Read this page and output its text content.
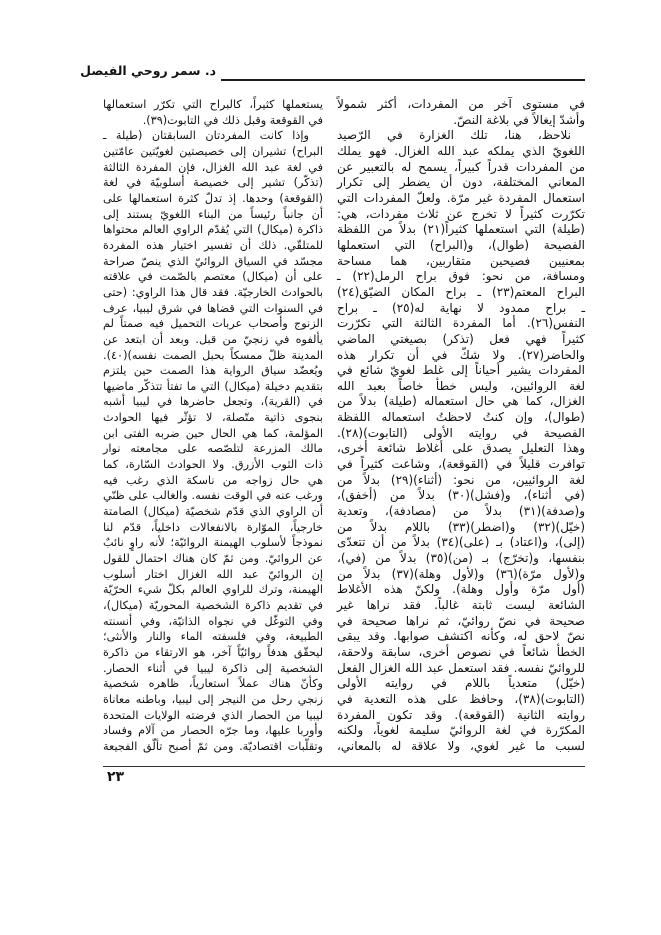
د. سمر روحي الفيصل
في مستوى آخر من المفردات، أكثر شمولاً
وأشدّ إيغالاً في بلاغة النصّ.
نلاحظ، هنا، تلك الغزارة في الرّصيد
اللغويّ الذي يملكه عبد الله الغزال. فهو يملك
من المفردات قدراً كبيراً، يسمح له بالتعبير عن
المعاني المختلفة، دون أن يضطر إلى تكرار
استعمال المفردة غير مرّة. ولعلّ المفردات التي
تكرّرت كثيراً لا تخرج عن ثلاث مفردات، هي:
(طيلة) التي استعملها كثيراً(٢١) بدلاً من اللفظة
الفصيحة (طوال)، و(البراح) التي استعملها
بمعنيين فصيحين متقاربين، هما مساحة
ومسافة، من نحو: فوق براح الرمل(٢٢) ـ
البراح المعتم(٢٣) ـ براح المكان الضيّق(٢٤)
ـ براح ممدود لا نهاية له(٢٥) ـ براح
النفس(٢٦). أما المفردة الثالثة التي تكرّرت
كثيراً فهي فعل (تذكر) بصيغتي الماضي
والحاضر(٢٧). ولا شكّ في أن تكرار هذه
المفردات يشير أحياناً إلى غلط لغويّ شائع في
لغة الروائيين، وليس خطأ خاصاً بعبد الله
الغزال، كما هي حال استعماله (طيلة) بدلاً من
(طوال)، وإن كنتُ لاحظتُ استعماله اللفظة
الفصيحة في روايته الأولى (التابوت)(٢٨).
وهذا التعليل يصدق على أغلاط شائعة أخرى،
توافرت قليلاً في (القوقعة)، وشاعت كثيراً في
لغة الروائيين، من نحو: (أثناء)(٢٩) بدلاً من
(في أثناء)، و(فشل)(٣٠) بدلاً من (أخفق)،
و(صدفة)(٣١) بدلاً من (مصادفة)، وتعدية
(خيّل)(٣٢) و(اضطر)(٣٣) باللام بدلاً من
(إلى)، و(اعتاد) بـ (على)(٣٤) بدلاً من أن تتعدّى
بنفسها، و(تخرّج) بـ (من)(٣٥) بدلاً من (في)،
و(لأول مرّة)(٣٦) و(لأول وهلة)(٣٧) بدلاً من
(أول مرّة وأول وهلة). ولكنّ هذه الأغلاط
الشائعة ليست ثابتة غالباً. فقد نراها غير
صحيحة في نصّ روائيّ، ثم نراها صحيحة في
نصّ لاحق له، وكأنه اكتشف صوابها. وقد يبقى
الخطأ شائعاً في نصوص أخرى، سابقة ولاحقة،
للروائيّ نفسه. فقد استعمل عبد الله الغزال الفعل
(خيّل) متعدياً باللام في روايته الأولى
(التابوت)(٣٨)، وحافظ على هذه التعدية في
روايته الثانية (القوقعة). وقد تكون المفردة
المكرّرة في لغة الروائيّ سليمة لغوياً، ولكنه
لسبب ما غير لغوي، ولا علاقة له بالمعاني،
يستعملها كثيراً، كالبراح التي تكرّر استعمالها
في القوقعة وقبل ذلك في التابوت(٣٩).
وإذا كانت المفردتان السابقتان (طيلة ـ
البراح) تشيران إلى خصيصتين لغويّتين عامّتين
في لغة عبد الله الغزال، فإن المفردة الثالثة
(تذكّر) تشير إلى خصيصة أسلوبيّة في لغة
(القوقعة) وحدها. إذ تدلّ كثرة استعمالها على
أن جانباً رئيساً من البناء اللغويّ يستند إلى
ذاكرة (ميكال) التي يُقدّم الراوي العالم محتواها
للمتلقّي. ذلك أن تفسير اختيار هذه المفردة
مجسّد في السياق الروائيّ الذي ينصّ صراحة
على أن (ميكال) معتصم بالصّمت في علاقته
بالحوادث الخارجيّة. فقد قال هذا الراوي: (حتى
في السنوات التي قضاها في شرق ليبيا، عرف
الزنوج وأصحاب عربات التحميل فيه صمتاً لم
يألفوه في زنجيّ من قبل. وبعد أن ابتعد عن
المدينة ظلّ ممسكاً بحبل الصمت نفسه)(٤٠).
ويُعضّد سياق الرواية هذا الصمت حين يلتزم
بتقديم دخيلة (ميكال) التي ما تفتأ تتذكّر ماضيها
في (القرية)، وتجعل حاضرها في ليبيا أشبه
بنجوى ذاتية متّصلة، لا تؤثّر فيها الحوادث
المؤلمة، كما هي الحال حين ضربه الفتى ابن
مالك المزرعة لتلصّصه على مجامعته نوار
ذات الثوب الأزرق. ولا الحوادث السّارة، كما
هي حال زواجه من ناسكة الذي رغب فيه
ورغب عنه في الوقت نفسه. والغالب على ظنّي
أن الراوي الذي قدّم شخصيّة (ميكال) الصامتة
خارجياً، الموّارة بالانفعالات داخلياً، قدّم لنا
نموذجاً لأسلوب الهيمنة الروائيّة؛ لأنه راوٍ نائبٌ
عن الروائيّ. ومن ثمّ كان هناك احتمال للقول
إن الروائيّ عبد الله الغزال اختار أسلوب
الهيمنة، وترك للراوي العالم بكلّ شيء الحرّيّة
في تقديم ذاكرة الشخصية المحوريّة (ميكال)،
وفي التوغّل في نجواه الذاتيّة، وفي أنسنته
الطبيعة، وفي فلسفته الماء والنار والأنثى؛
ليحقّق هدفاً روائيّاً آخر، هو الارتقاء من ذاكرة
الشخصية إلى ذاكرة ليبيا في أثناء الحصار.
وكأنّ هناك عملاً استعارياً، ظاهره شخصية
زنجي رحل من النيجر إلى ليبيا، وباطنه معاناة
ليبيا من الحصار الذي فرضته الولايات المتحدة
وأوربا عليها، وما جرّه الحصار من آلام وفساد
وتقلّبات اقتصاديّة. ومن ثمّ أصبح تألّق الفجيعة
٢٣
